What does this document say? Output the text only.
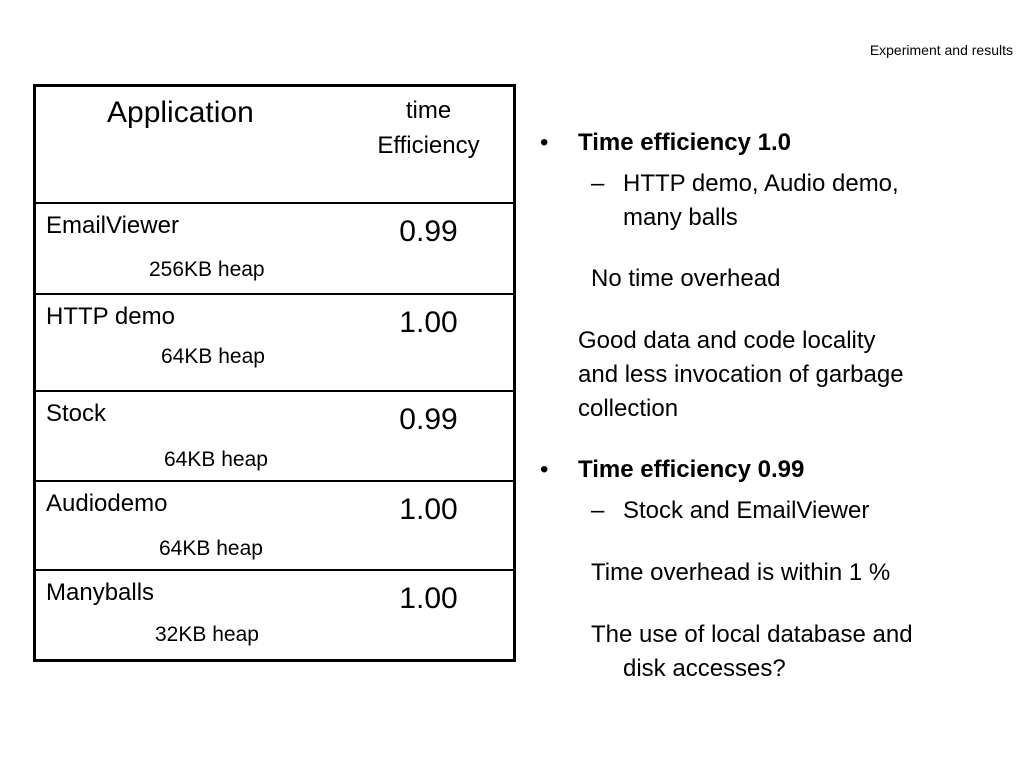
Experiment and results
Application	time
Efficiency
EmailViewer
256KB heap
0.99
HTTP demo
64KB heap
1.00
Stock
64KB heap
0.99
Audiodemo
64KB heap
1.00
Manyballs
32KB heap
1.00
• Time efficiency 1.0
– HTTP demo, Audio demo,
many balls
No time overhead
Good data and code locality
and less invocation of garbage
collection
• Time efficiency 0.99
– Stock and EmailViewer
Time overhead is within 1 %
The use of local database and
disk accesses?
